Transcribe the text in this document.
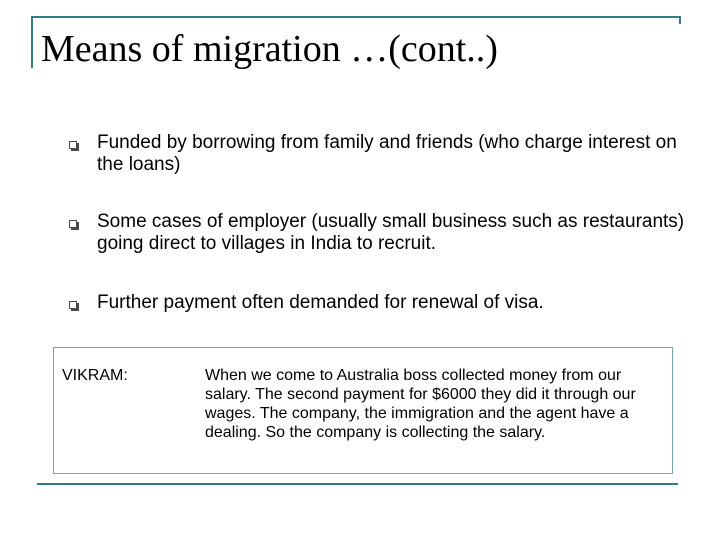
Means of migration …(cont..)
Funded by borrowing from family and friends (who charge interest on the loans)
Some cases of employer (usually small business such as restaurants) going direct to villages in India to recruit.
Further payment often demanded for renewal of visa.
VIKRAM:	When we come to Australia boss collected money from our salary. The second payment for $6000 they did it through our wages. The company, the immigration and the agent have a dealing. So the company is collecting the salary.
